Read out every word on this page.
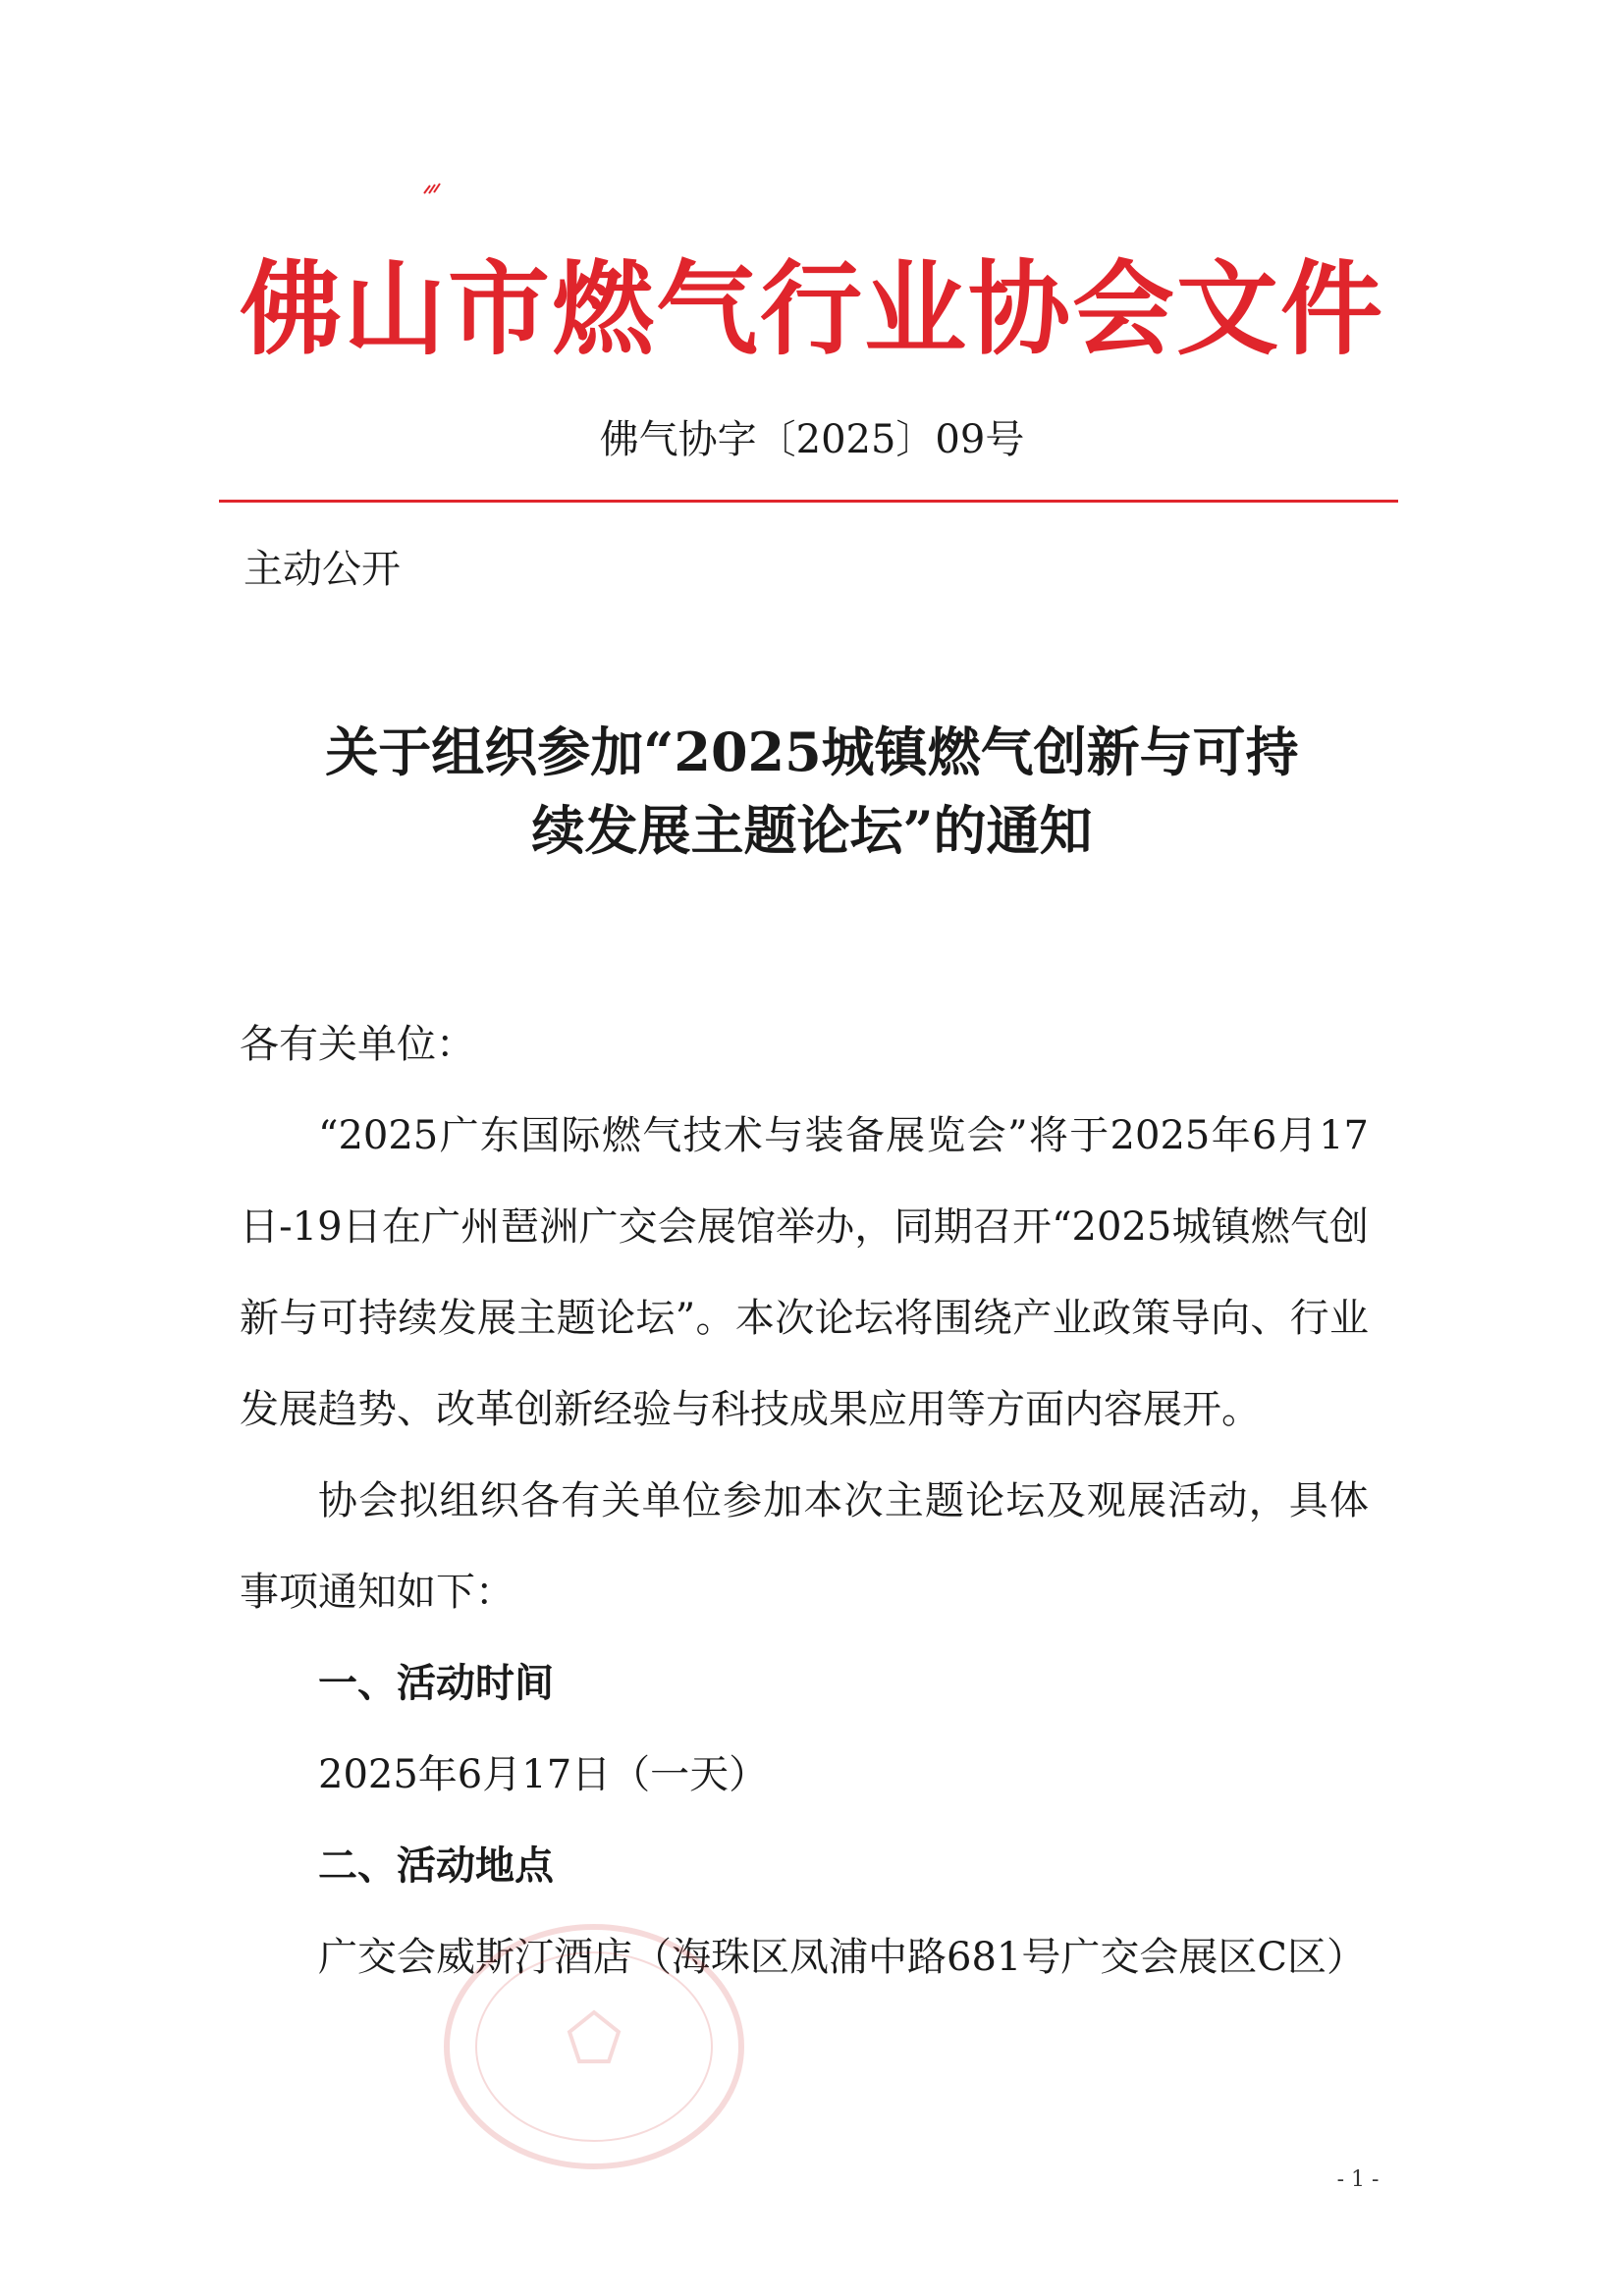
佛山市燃气行业协会文件
佛气协字〔2025〕09号
主动公开
关于组织参加“2025城镇燃气创新与可持
续发展主题论坛”的通知

各有关单位：

“2025广东国际燃气技术与装备展览会”将于2025年6月17日-19日在广州琶洲广交会展馆举办，同期召开“2025城镇燃气创新与可持续发展主题论坛”。本次论坛将围绕产业政策导向、行业发展趋势、改革创新经验与科技成果应用等方面内容展开。

协会拟组织各有关单位参加本次主题论坛及观展活动，具体事项通知如下：

一、活动时间

2025年6月17日（一天）

二、活动地点

广交会威斯汀酒店（海珠区凤浦中路681号广交会展区C区）

- 1 -
